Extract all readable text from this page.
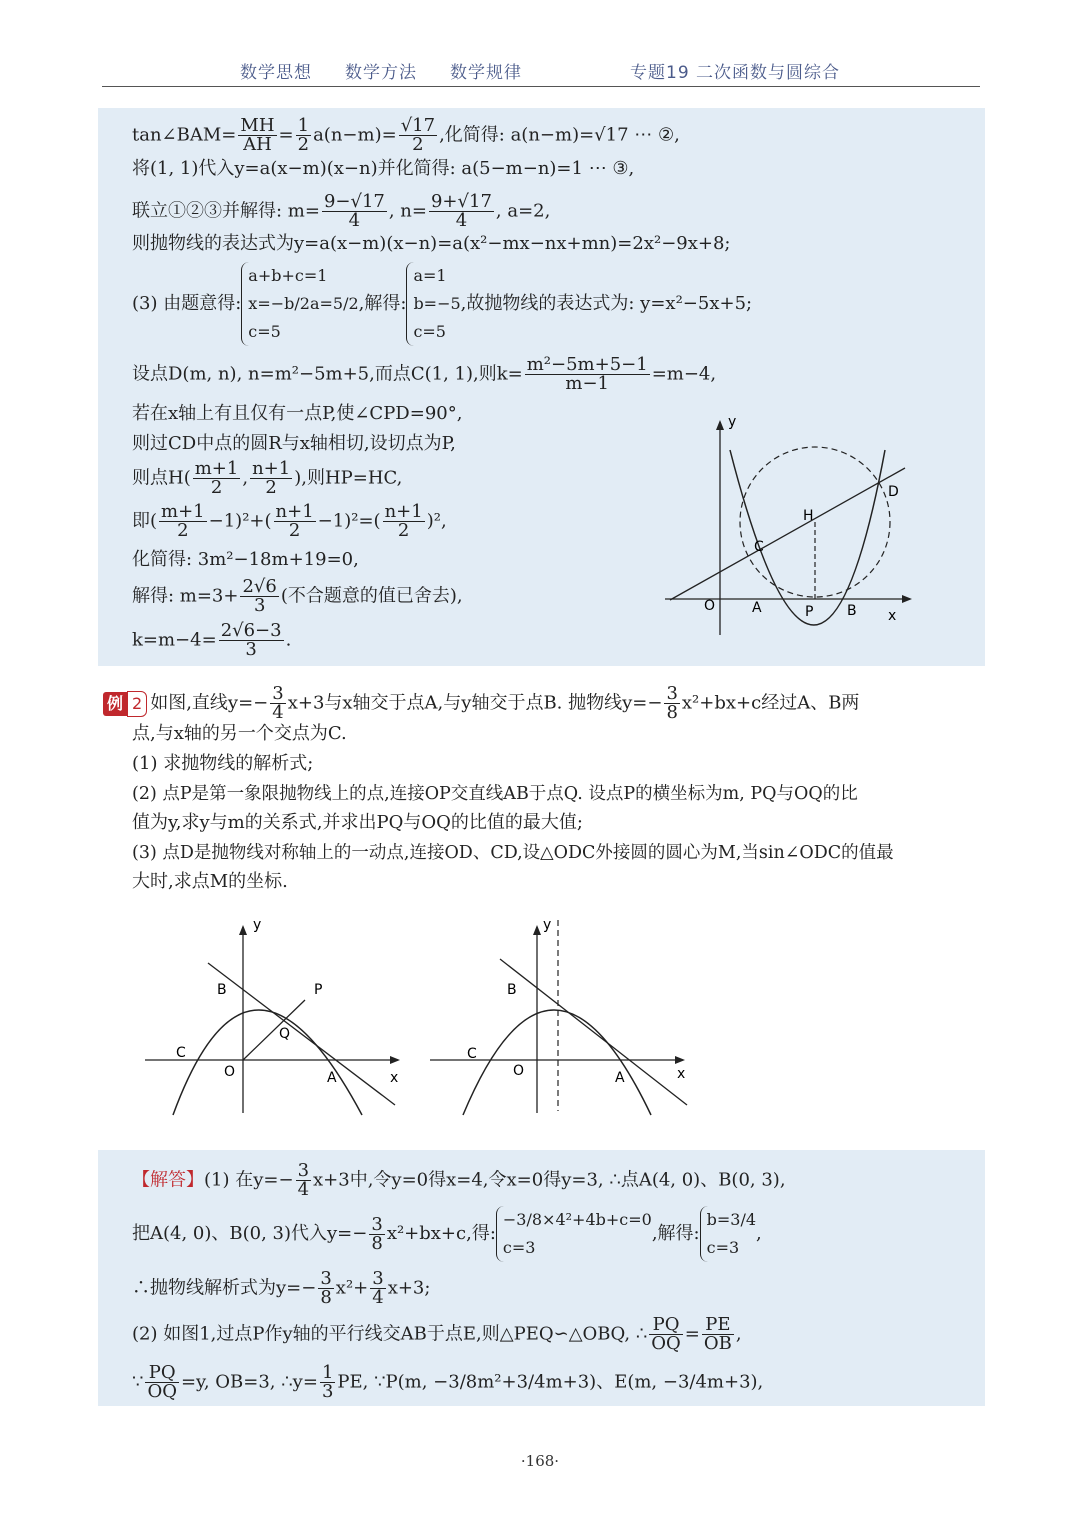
数学思想 数学方法 数学规律	专题19 二次函数与圆综合
tan∠BAM= $\frac{MH}{AH} = \frac{1}{2} a(n-m)= \frac{√17}{2}$ ,化简得: a(n−m)=√17 ⋯ ②,
将(1, 1)代入y=a(x−m)(x−n)并化简得: a(5−m−n)=1 ⋯ ③,
联立①②③并解得: $m= \frac{9-√17}{4}$ , $n= \frac{9+√17}{4}$ , a=2,
则抛物线的表达式为y=a(x−m)(x−n)=a(x²−mx−nx+mn)=2x²−9x+8;
(3) 由题意得:
a+b+c=1
x=−b/2a=5/2
c=5
,解得:
a=1
b=−5
c=5
,故抛物线的表达式为: y=x²−5x+5;
设点D(m, n), n=m²−5m+5,而点C(1, 1),则$k= \frac{\text{m²−5m+5−1}}{m-1} =m-4$,
若在x轴上有且仅有一点P,使∠CPD=90°,
则过CD中点的圆R与x轴相切,设切点为P,
则点$H( \frac{m+1}{2}$ , $\frac{n+1}{2}$ ),则HP=HC,
即( $\frac{m+1}{2} -1)^2+( \frac{n+1}{2} -1)^2=( \frac{n+1}{2} )^2$,
化简得: 3m²−18m+19=0,
解得: $m=3+ \frac{2√6}{3}$ (不合题意的值已舍去),
$k=m-4= \frac{2√6-3}{3}$ .
y
x
O	A	P B
C
H
D
例 2 如图,直线$y=- \frac{3}{4} x+3$与x轴交于点A,与y轴交于点B. 抛物线$y=- \frac{3}{8} x^2+bx+c$经过A、B两
点,与x轴的另一个交点为C.
(1) 求抛物线的解析式;
(2) 点P是第一象限抛物线上的点,连接OP交直线AB于点Q. 设点P的横坐标为m, PQ与OQ的比
值为y,求y与m的关系式,并求出PQ与OQ的比值的最大值;
(3) 点D是抛物线对称轴上的一动点,连接OD、CD,设△ODC外接圆的圆心为M,当sin∠ODC的值最
大时,求点M的坐标.
y
x
O	A
B
C
P
Q
y
x
O	A
B
C
【解答】(1) 在$y=- \frac{3}{4} x+3$中,令y=0得x=4,令x=0得y=3, ∴点A(4, 0)、B(0, 3),
把A(4, 0)、B(0, 3)代入$y=- \frac{3}{8} x^2+bx+c$,得:
−3/8×4²+4b+c=0
c=3
,解得:
b=3/4
c=3
,
∴抛物线解析式为$y=- \frac{3}{8} x^2+ \frac{3}{4} x+3$;
(2) 如图1,过点P作y轴的平行线交AB于点E,则△PEQ∽△OBQ, ∴ $\frac{PQ}{OQ} = \frac{PE}{OB}$ ,
∵ $\frac{PQ}{OQ} =y$, OB=3, ∴y= $\frac{1}{3}$ PE, ∵P(m, −3/8m²+3/4m+3)、E(m, −3/4m+3),
·168·
